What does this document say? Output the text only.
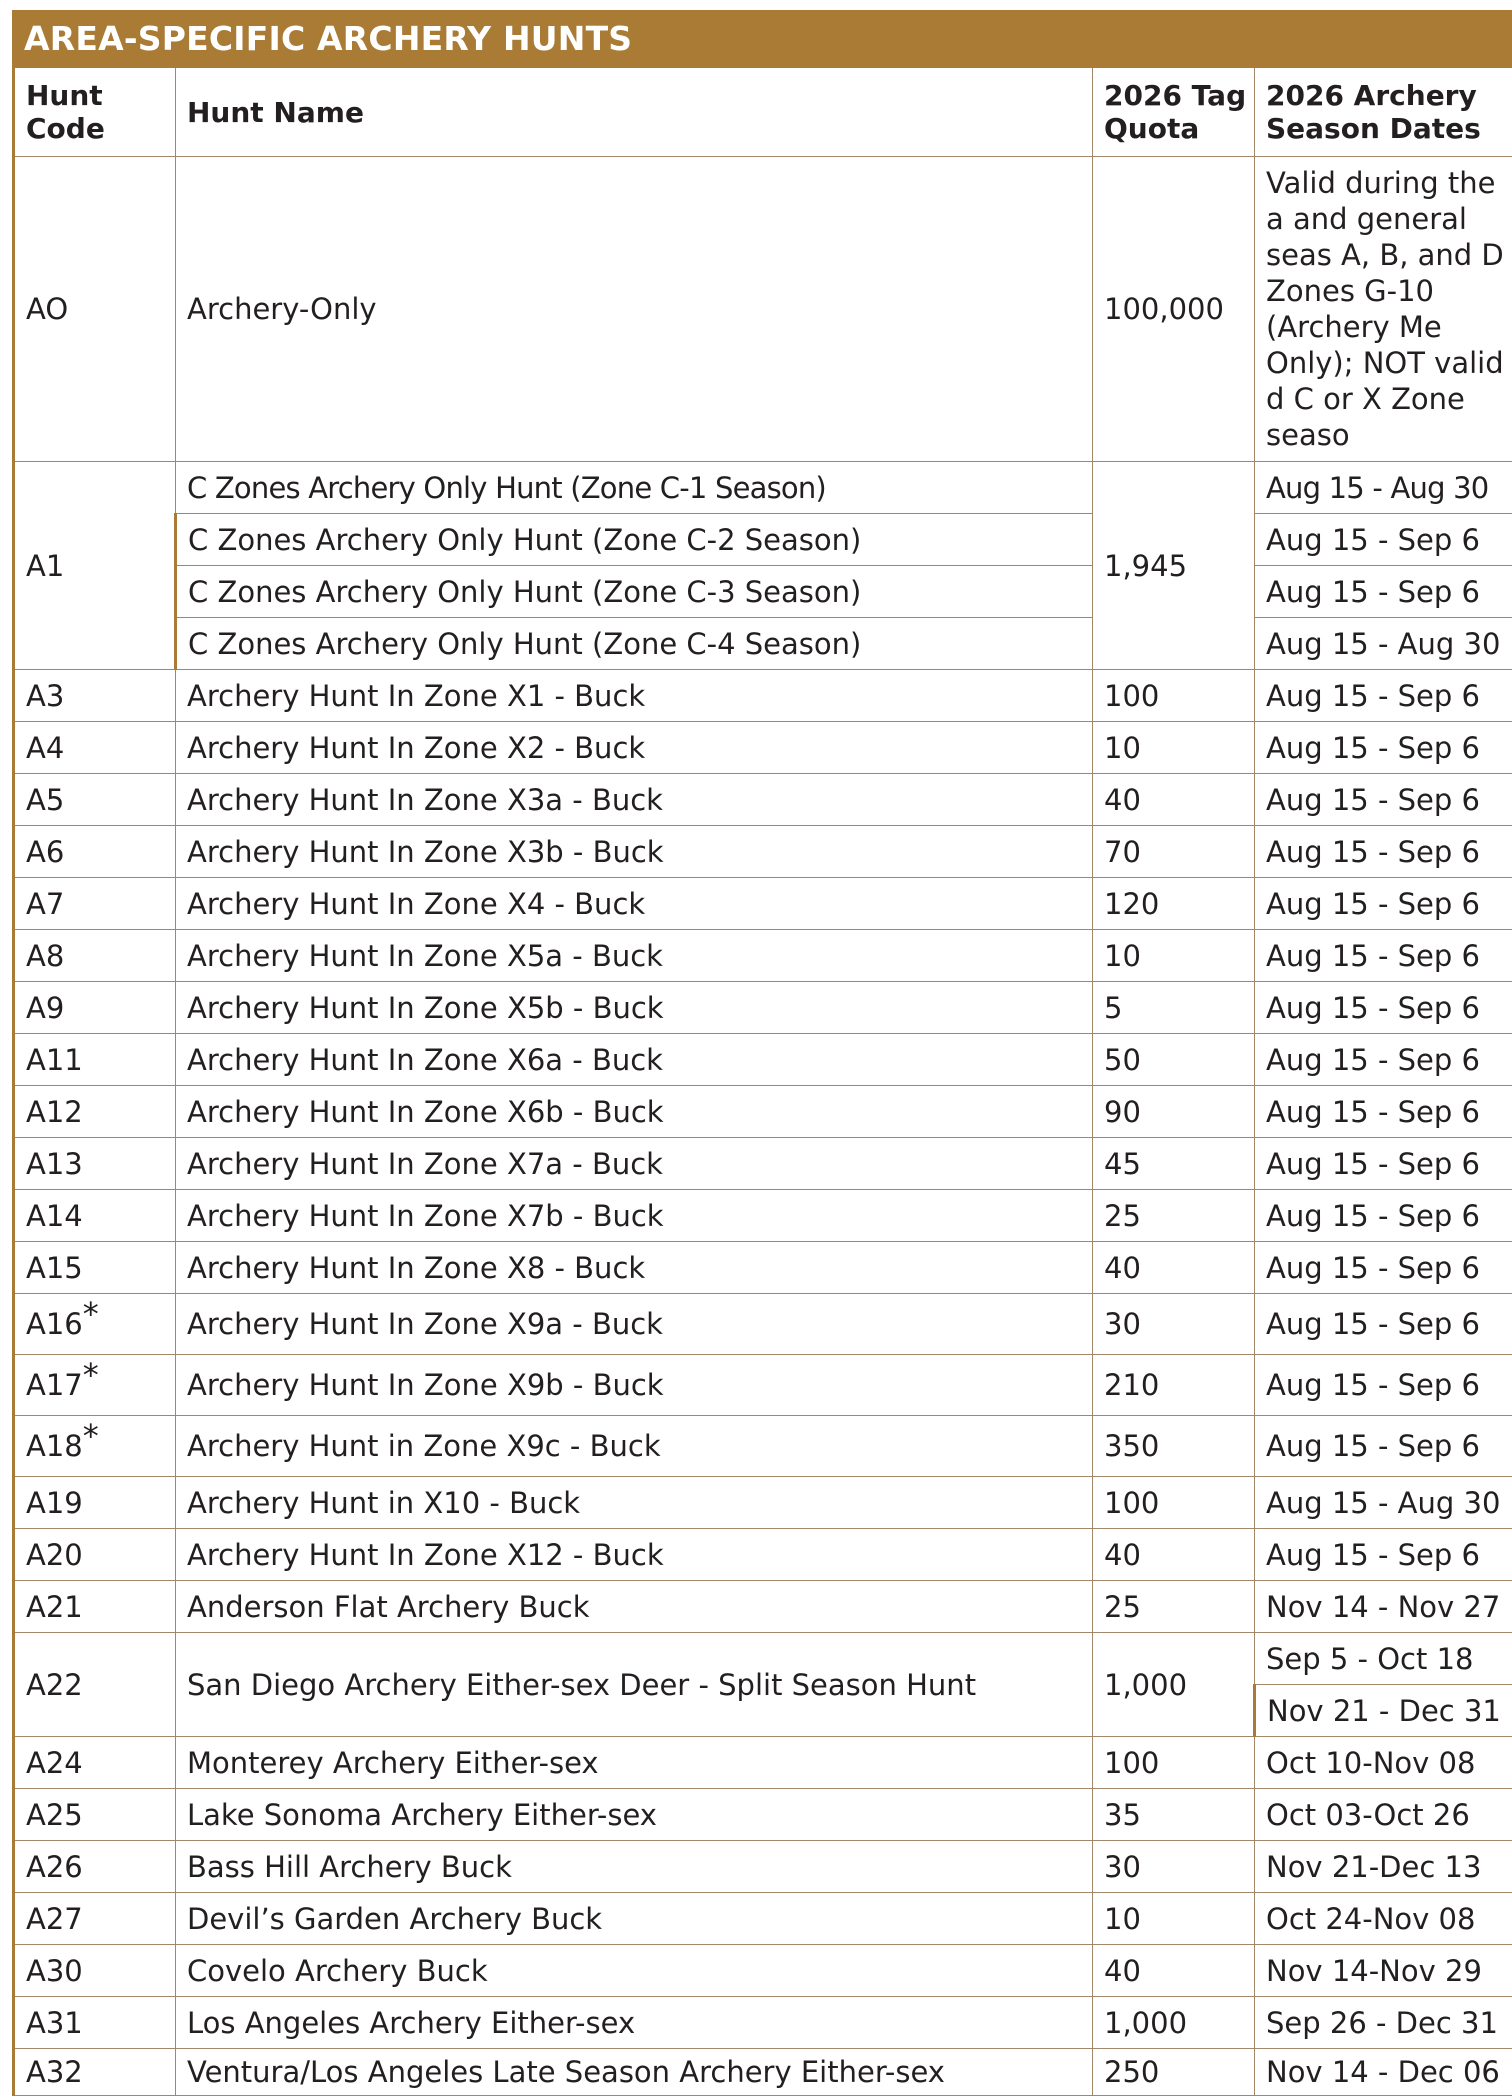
AREA-SPECIFIC ARCHERY HUNTS
Hunt Code	Hunt Name	2026 Tag Quota	2026 Archery Season Dates
AO	Archery-Only	100,000	Valid during the a and general seas A, B, and D Zones G-10 (Archery Me Only); NOT valid d C or X Zone seaso
A1	C Zones Archery Only Hunt (Zone C-1 Season)	1,945	Aug 15 - Aug 30
	C Zones Archery Only Hunt (Zone C-2 Season)		Aug 15 - Sep 6
	C Zones Archery Only Hunt (Zone C-3 Season)		Aug 15 - Sep 6
	C Zones Archery Only Hunt (Zone C-4 Season)		Aug 15 - Aug 30
A3	Archery Hunt In Zone X1 - Buck	100	Aug 15 - Sep 6
A4	Archery Hunt In Zone X2 - Buck	10	Aug 15 - Sep 6
A5	Archery Hunt In Zone X3a - Buck	40	Aug 15 - Sep 6
A6	Archery Hunt In Zone X3b - Buck	70	Aug 15 - Sep 6
A7	Archery Hunt In Zone X4 - Buck	120	Aug 15 - Sep 6
A8	Archery Hunt In Zone X5a - Buck	10	Aug 15 - Sep 6
A9	Archery Hunt In Zone X5b - Buck	5	Aug 15 - Sep 6
A11	Archery Hunt In Zone X6a - Buck	50	Aug 15 - Sep 6
A12	Archery Hunt In Zone X6b - Buck	90	Aug 15 - Sep 6
A13	Archery Hunt In Zone X7a - Buck	45	Aug 15 - Sep 6
A14	Archery Hunt In Zone X7b - Buck	25	Aug 15 - Sep 6
A15	Archery Hunt In Zone X8 - Buck	40	Aug 15 - Sep 6
A16*	Archery Hunt In Zone X9a - Buck	30	Aug 15 - Sep 6
A17*	Archery Hunt In Zone X9b - Buck	210	Aug 15 - Sep 6
A18*	Archery Hunt in Zone X9c - Buck	350	Aug 15 - Sep 6
A19	Archery Hunt in X10 - Buck	100	Aug 15 - Aug 30
A20	Archery Hunt In Zone X12 - Buck	40	Aug 15 - Sep 6
A21	Anderson Flat Archery Buck	25	Nov 14 - Nov 27
A22	San Diego Archery Either-sex Deer - Split Season Hunt	1,000	Sep 5 - Oct 18
			Nov 21 - Dec 31
A24	Monterey Archery Either-sex	100	Oct 10-Nov 08
A25	Lake Sonoma Archery Either-sex	35	Oct 03-Oct 26
A26	Bass Hill Archery Buck	30	Nov 21-Dec 13
A27	Devil’s Garden Archery Buck	10	Oct 24-Nov 08
A30	Covelo Archery Buck	40	Nov 14-Nov 29
A31	Los Angeles Archery Either-sex	1,000	Sep 26 - Dec 31
A32	Ventura/Los Angeles Late Season Archery Either-sex	250	Nov 14 - Dec 06
